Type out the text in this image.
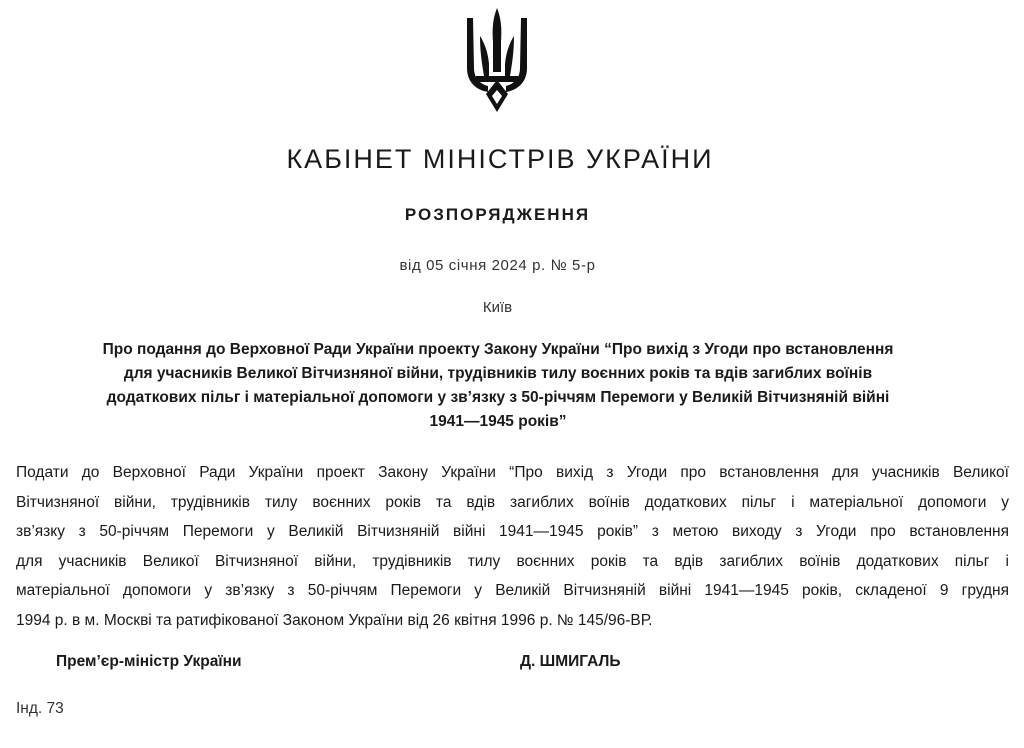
КАБІНЕТ МІНІСТРІВ УКРАЇНИ
РОЗПОРЯДЖЕННЯ
від 05 січня 2024 р. № 5-р
Київ
Про подання до Верховної Ради України проекту Закону України “Про вихід з Угоди про встановлення
для учасників Великої Вітчизняної війни, трудівників тилу воєнних років та вдів загиблих воїнів
додаткових пільг і матеріальної допомоги у зв’язку з 50-річчям Перемоги у Великій Вітчизняній війні
1941—1945 років”
Подати до Верховної Ради України проект Закону України “Про вихід з Угоди про встановлення для учасників Великої
Вітчизняної війни, трудівників тилу воєнних років та вдів загиблих воїнів додаткових пільг і матеріальної допомоги у
зв’язку з 50-річчям Перемоги у Великій Вітчизняній війні 1941—1945 років” з метою виходу з Угоди про встановлення
для учасників Великої Вітчизняної війни, трудівників тилу воєнних років та вдів загиблих воїнів додаткових пільг і
матеріальної допомоги у зв’язку з 50-річчям Перемоги у Великій Вітчизняній війні 1941—1945 років, складеної 9 грудня
1994 р. в м. Москві та ратифікованої Законом України від 26 квітня 1996 р. № 145/96-ВР.
Прем’єр-міністр України	Д. ШМИГАЛЬ
Інд. 73
